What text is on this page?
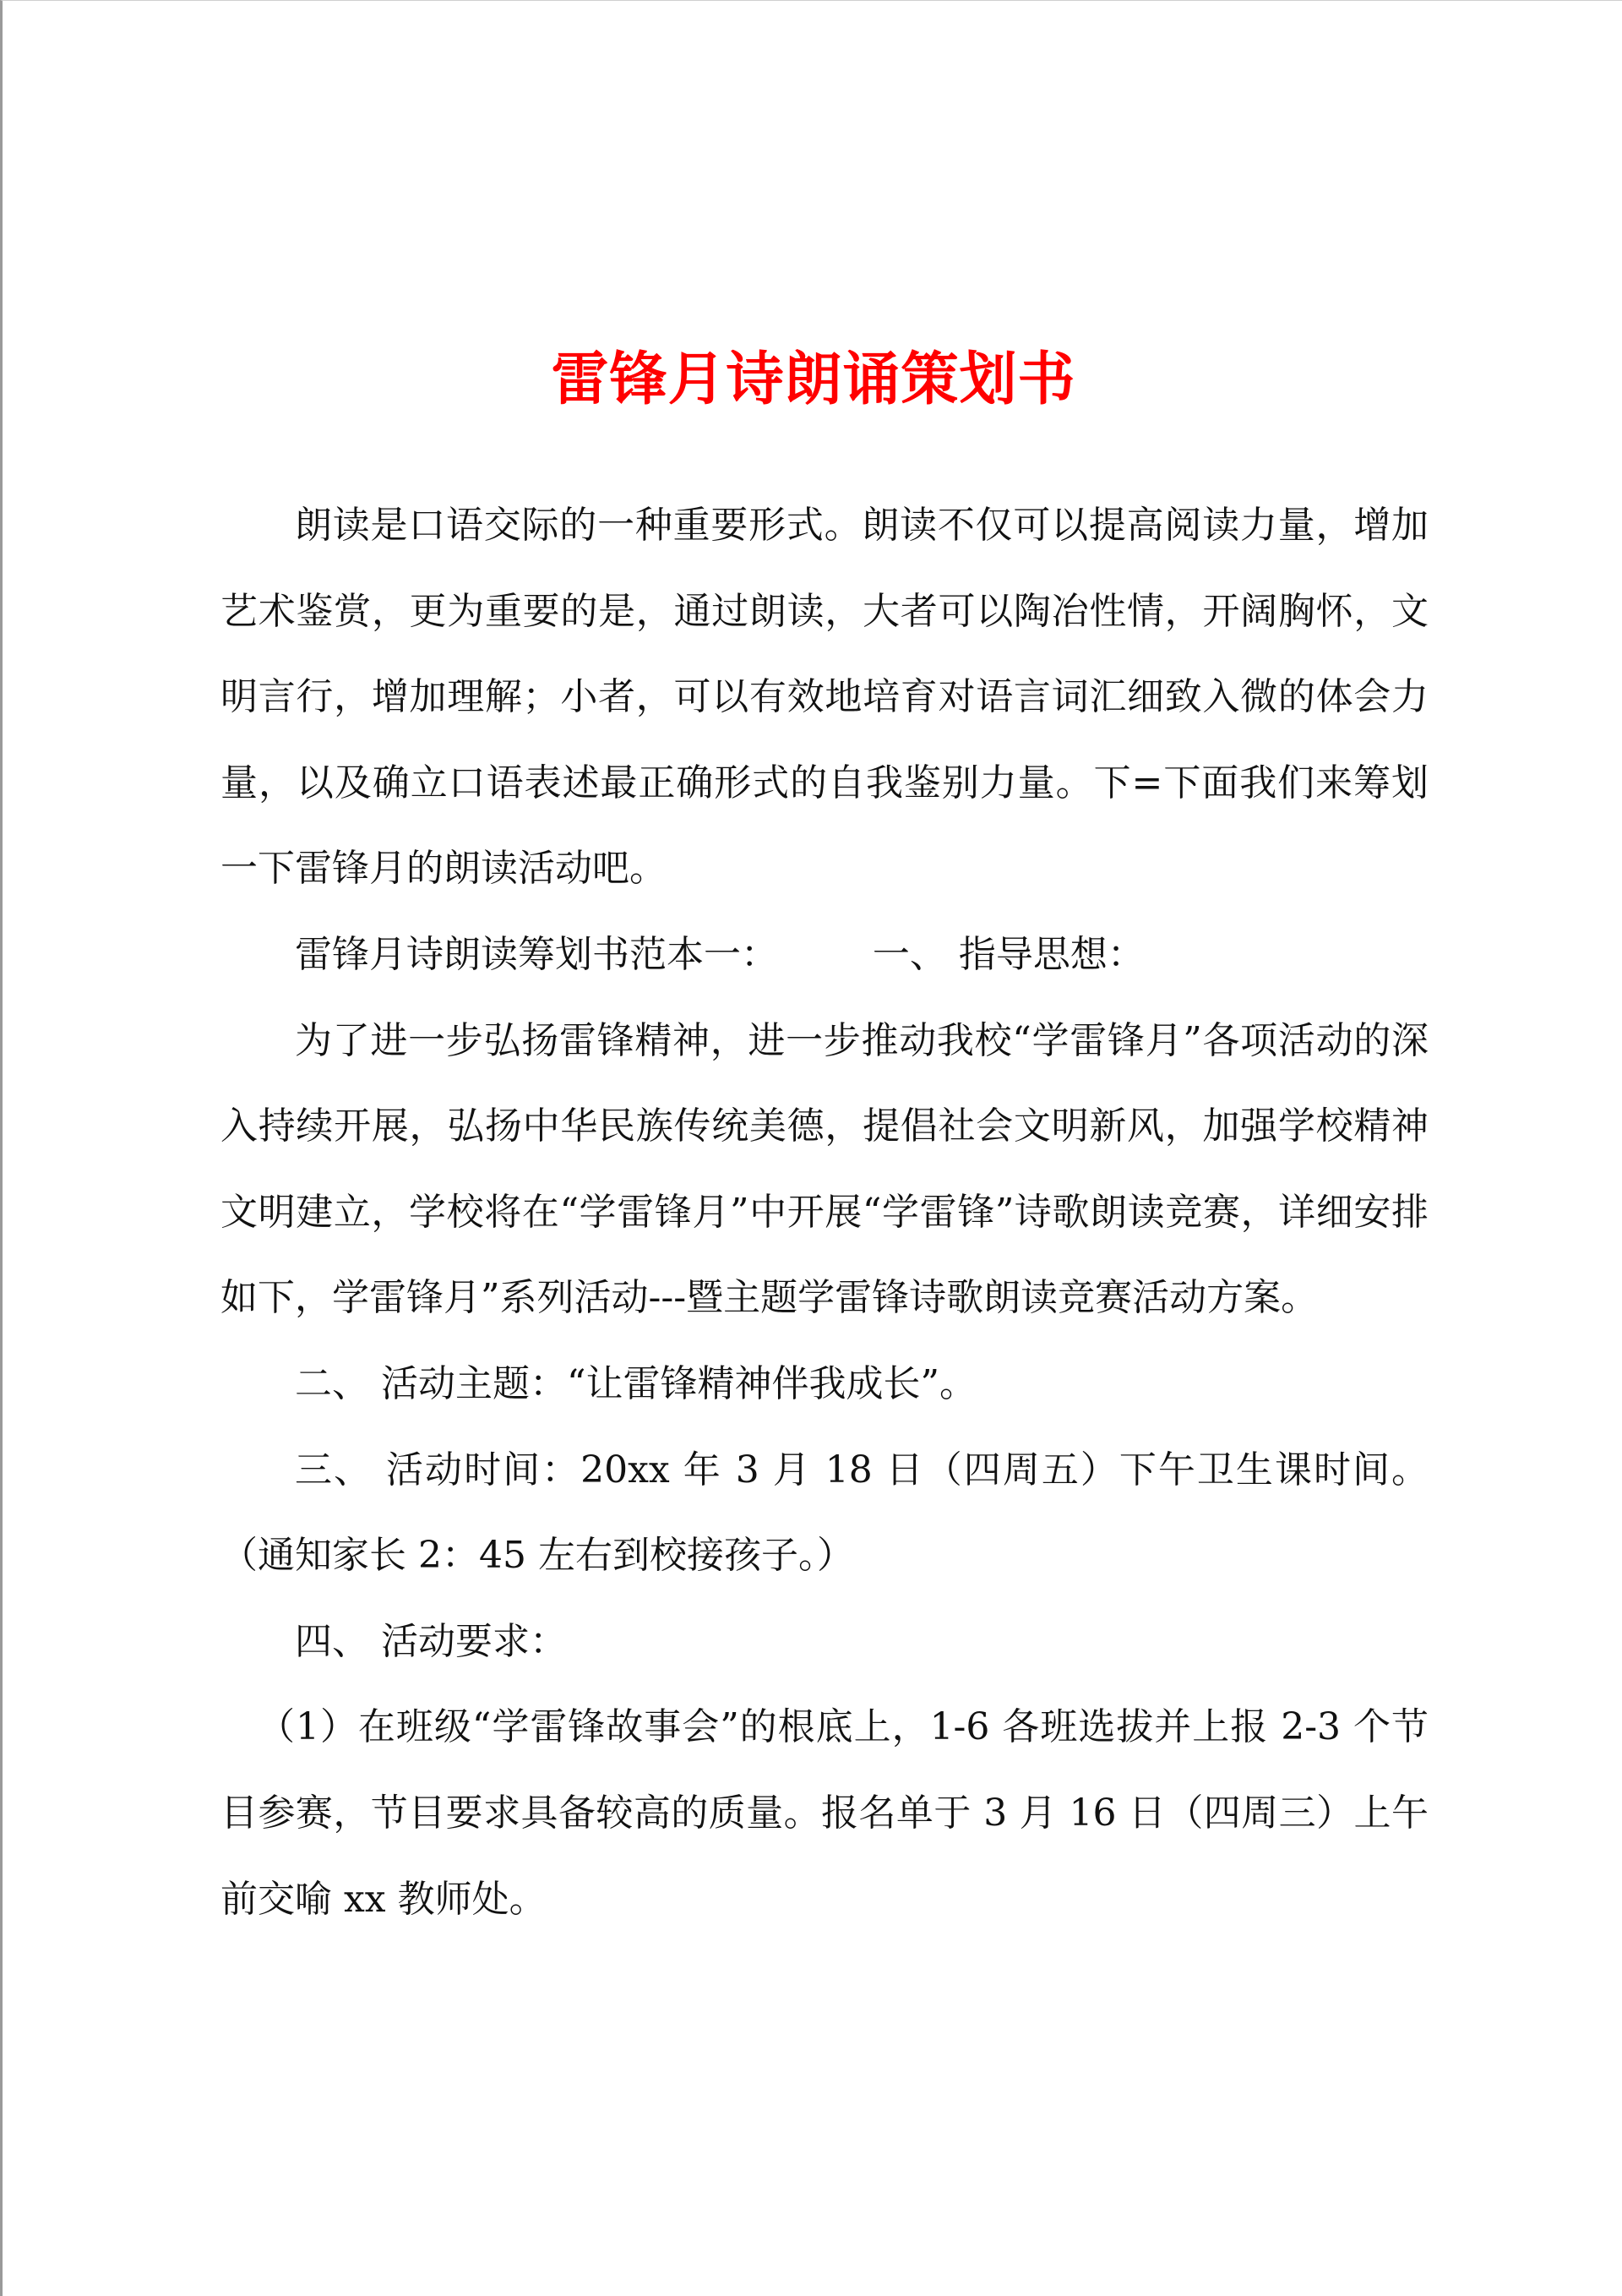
雷锋月诗朗诵策划书

朗读是口语交际的一种重要形式。朗读不仅可以提高阅读力量，增加艺术鉴赏，更为重要的是，通过朗读，大者可以陶冶性情，开阔胸怀，文明言行，增加理解；小者，可以有效地培育对语言词汇细致入微的体会力量，以及确立口语表述最正确形式的自我鉴别力量。下=下面我们来筹划一下雷锋月的朗读活动吧。

雷锋月诗朗读筹划书范本一：        一、 指导思想：

为了进一步弘扬雷锋精神，进一步推动我校“学雷锋月”各项活动的深入持续开展，弘扬中华民族传统美德，提倡社会文明新风，加强学校精神文明建立，学校将在“学雷锋月”中开展“学雷锋”诗歌朗读竞赛，详细安排如下，学雷锋月”系列活动---暨主题学雷锋诗歌朗读竞赛活动方案。

二、 活动主题：“让雷锋精神伴我成长”。

三、 活动时间：20xx 年 3 月 18 日（四周五）下午卫生课时间。（通知家长 2：45 左右到校接孩子。）

四、 活动要求：

（1）在班级“学雷锋故事会”的根底上，1-6 各班选拔并上报 2-3 个节目参赛，节目要求具备较高的质量。报名单于 3 月 16 日（四周三）上午前交喻 xx 教师处。
